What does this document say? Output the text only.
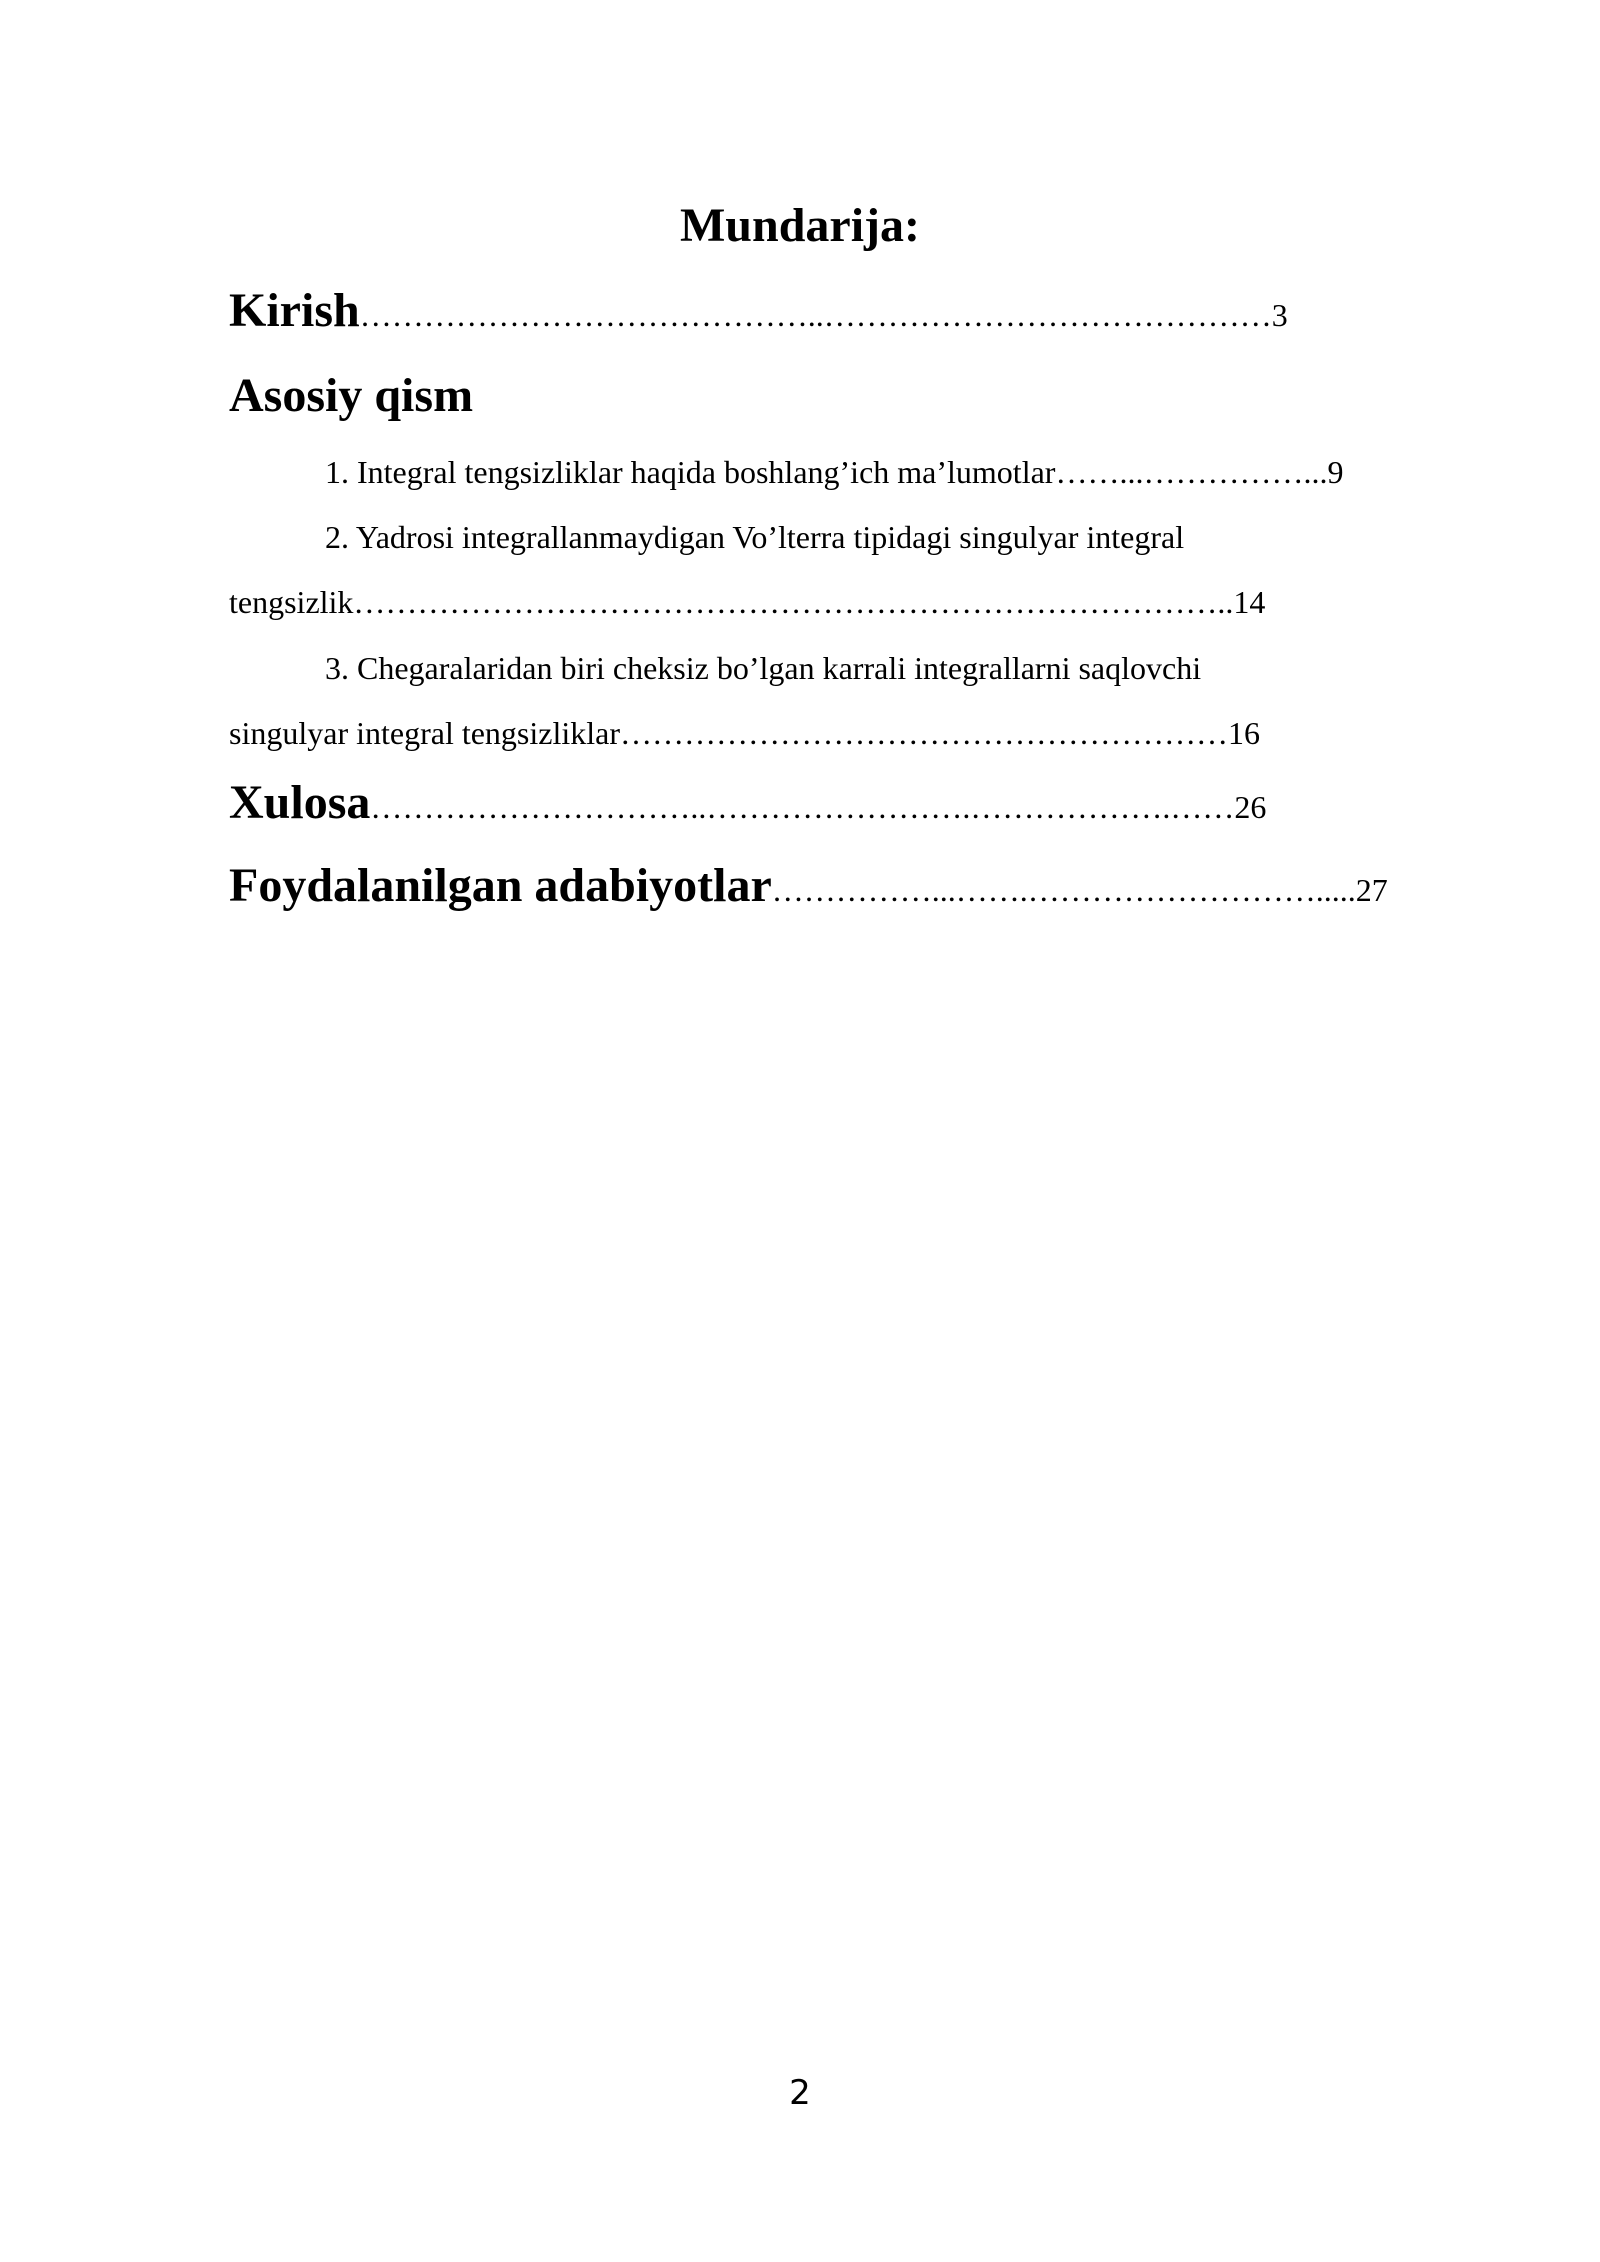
Mundarija:
Kirish……………………………………..……………………………………3
Asosiy qism
1. Integral tengsizliklar haqida boshlang’ich ma’lumotlar……...……………...9
2. Yadrosi integrallanmaydigan Vo’lterra tipidagi singulyar integral
tengsizlik………………………………………………………………………..14
3. Chegaralaridan biri cheksiz bo’lgan karrali integrallarni saqlovchi
singulyar integral tengsizliklar…………………………………………………16
Xulosa…………………………..…………………….……………….……26
Foydalanilgan adabiyotlar……………...…….……………………….....27
2
